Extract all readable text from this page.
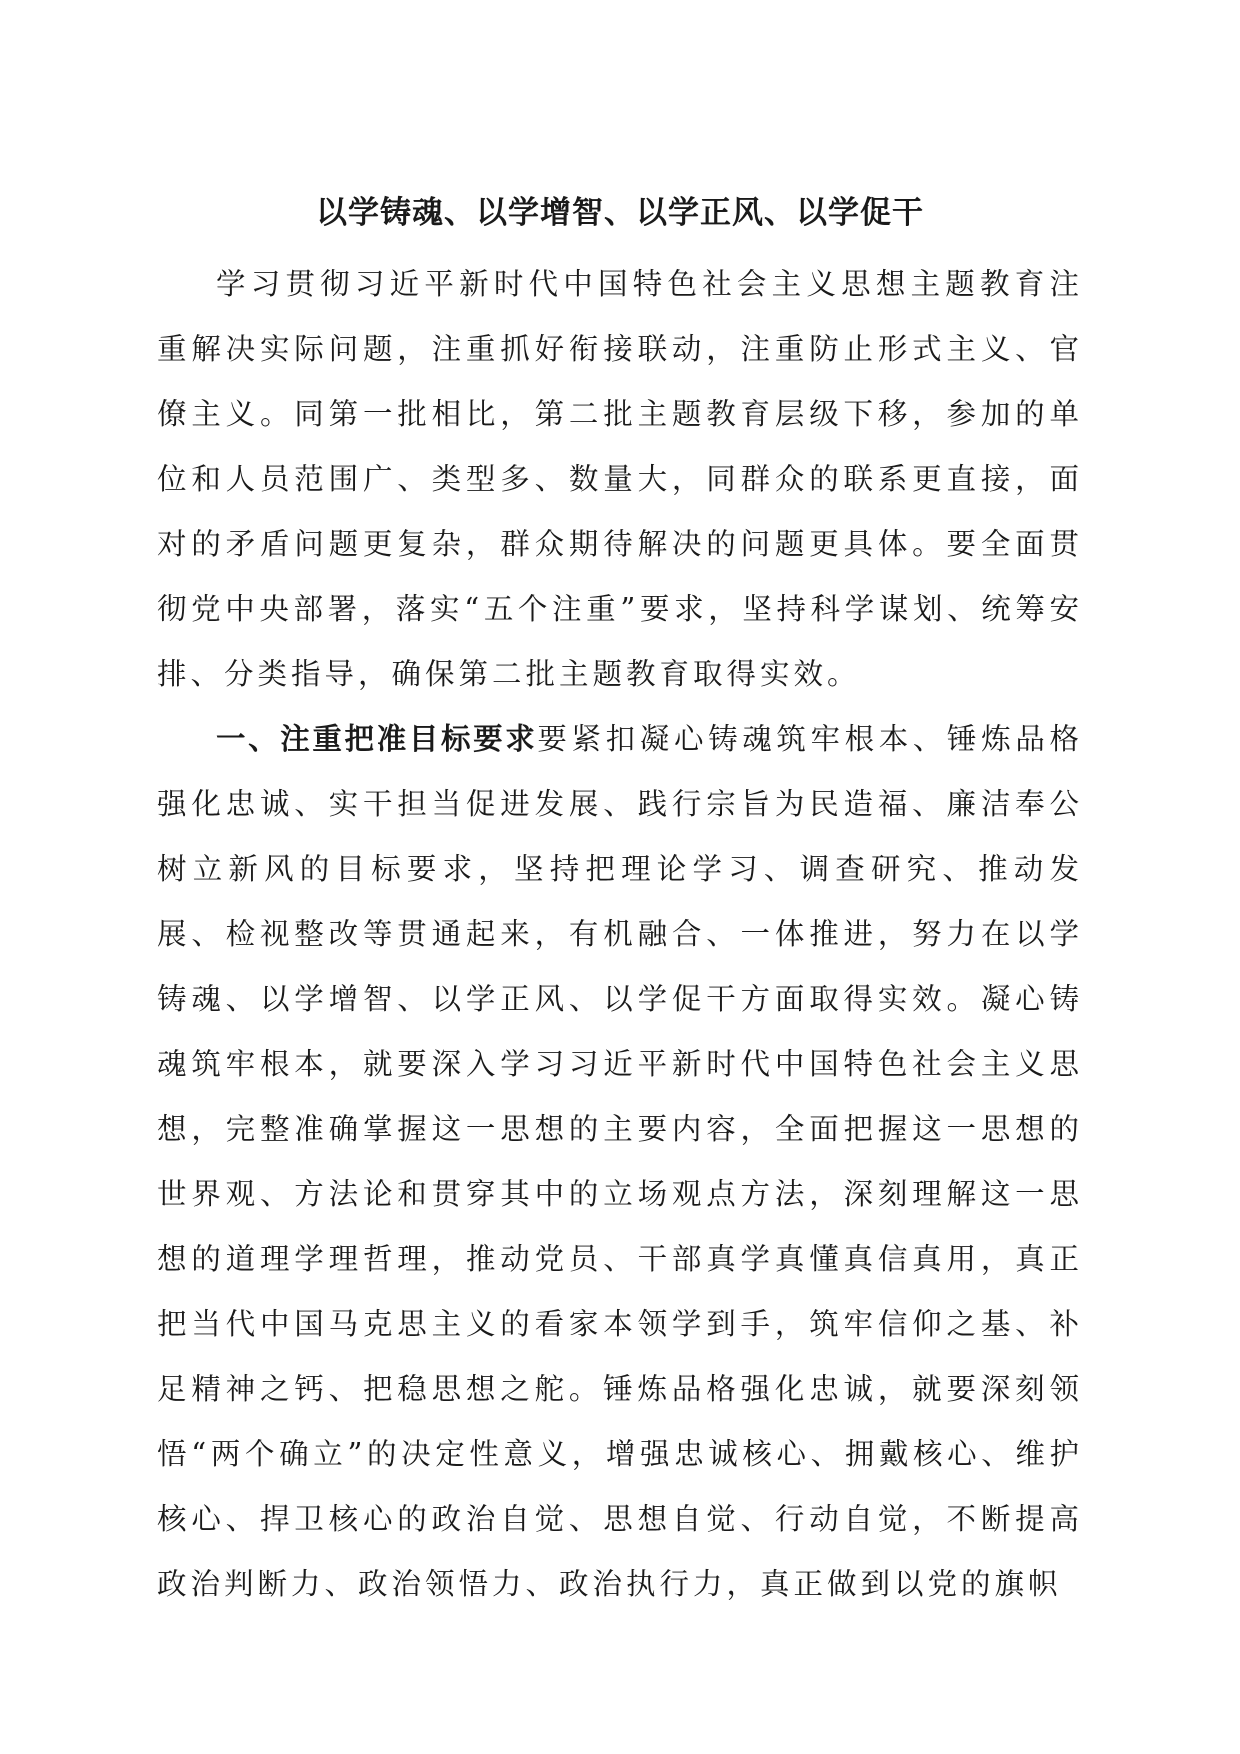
以学铸魂、以学增智、以学正风、以学促干

学习贯彻习近平新时代中国特色社会主义思想主题教育注重解决实际问题，注重抓好衔接联动，注重防止形式主义、官僚主义。同第一批相比，第二批主题教育层级下移，参加的单位和人员范围广、类型多、数量大，同群众的联系更直接，面对的矛盾问题更复杂，群众期待解决的问题更具体。要全面贯彻党中央部署，落实“五个注重”要求，坚持科学谋划、统筹安排、分类指导，确保第二批主题教育取得实效。

一、注重把准目标要求要紧扣凝心铸魂筑牢根本、锤炼品格强化忠诚、实干担当促进发展、践行宗旨为民造福、廉洁奉公树立新风的目标要求，坚持把理论学习、调查研究、推动发展、检视整改等贯通起来，有机融合、一体推进，努力在以学铸魂、以学增智、以学正风、以学促干方面取得实效。凝心铸魂筑牢根本，就要深入学习习近平新时代中国特色社会主义思想，完整准确掌握这一思想的主要内容，全面把握这一思想的世界观、方法论和贯穿其中的立场观点方法，深刻理解这一思想的道理学理哲理，推动党员、干部真学真懂真信真用，真正把当代中国马克思主义的看家本领学到手，筑牢信仰之基、补足精神之钙、把稳思想之舵。锤炼品格强化忠诚，就要深刻领悟“两个确立”的决定性意义，增强忠诚核心、拥戴核心、维护核心、捍卫核心的政治自觉、思想自觉、行动自觉，不断提高政治判断力、政治领悟力、政治执行力，真正做到以党的旗帜
